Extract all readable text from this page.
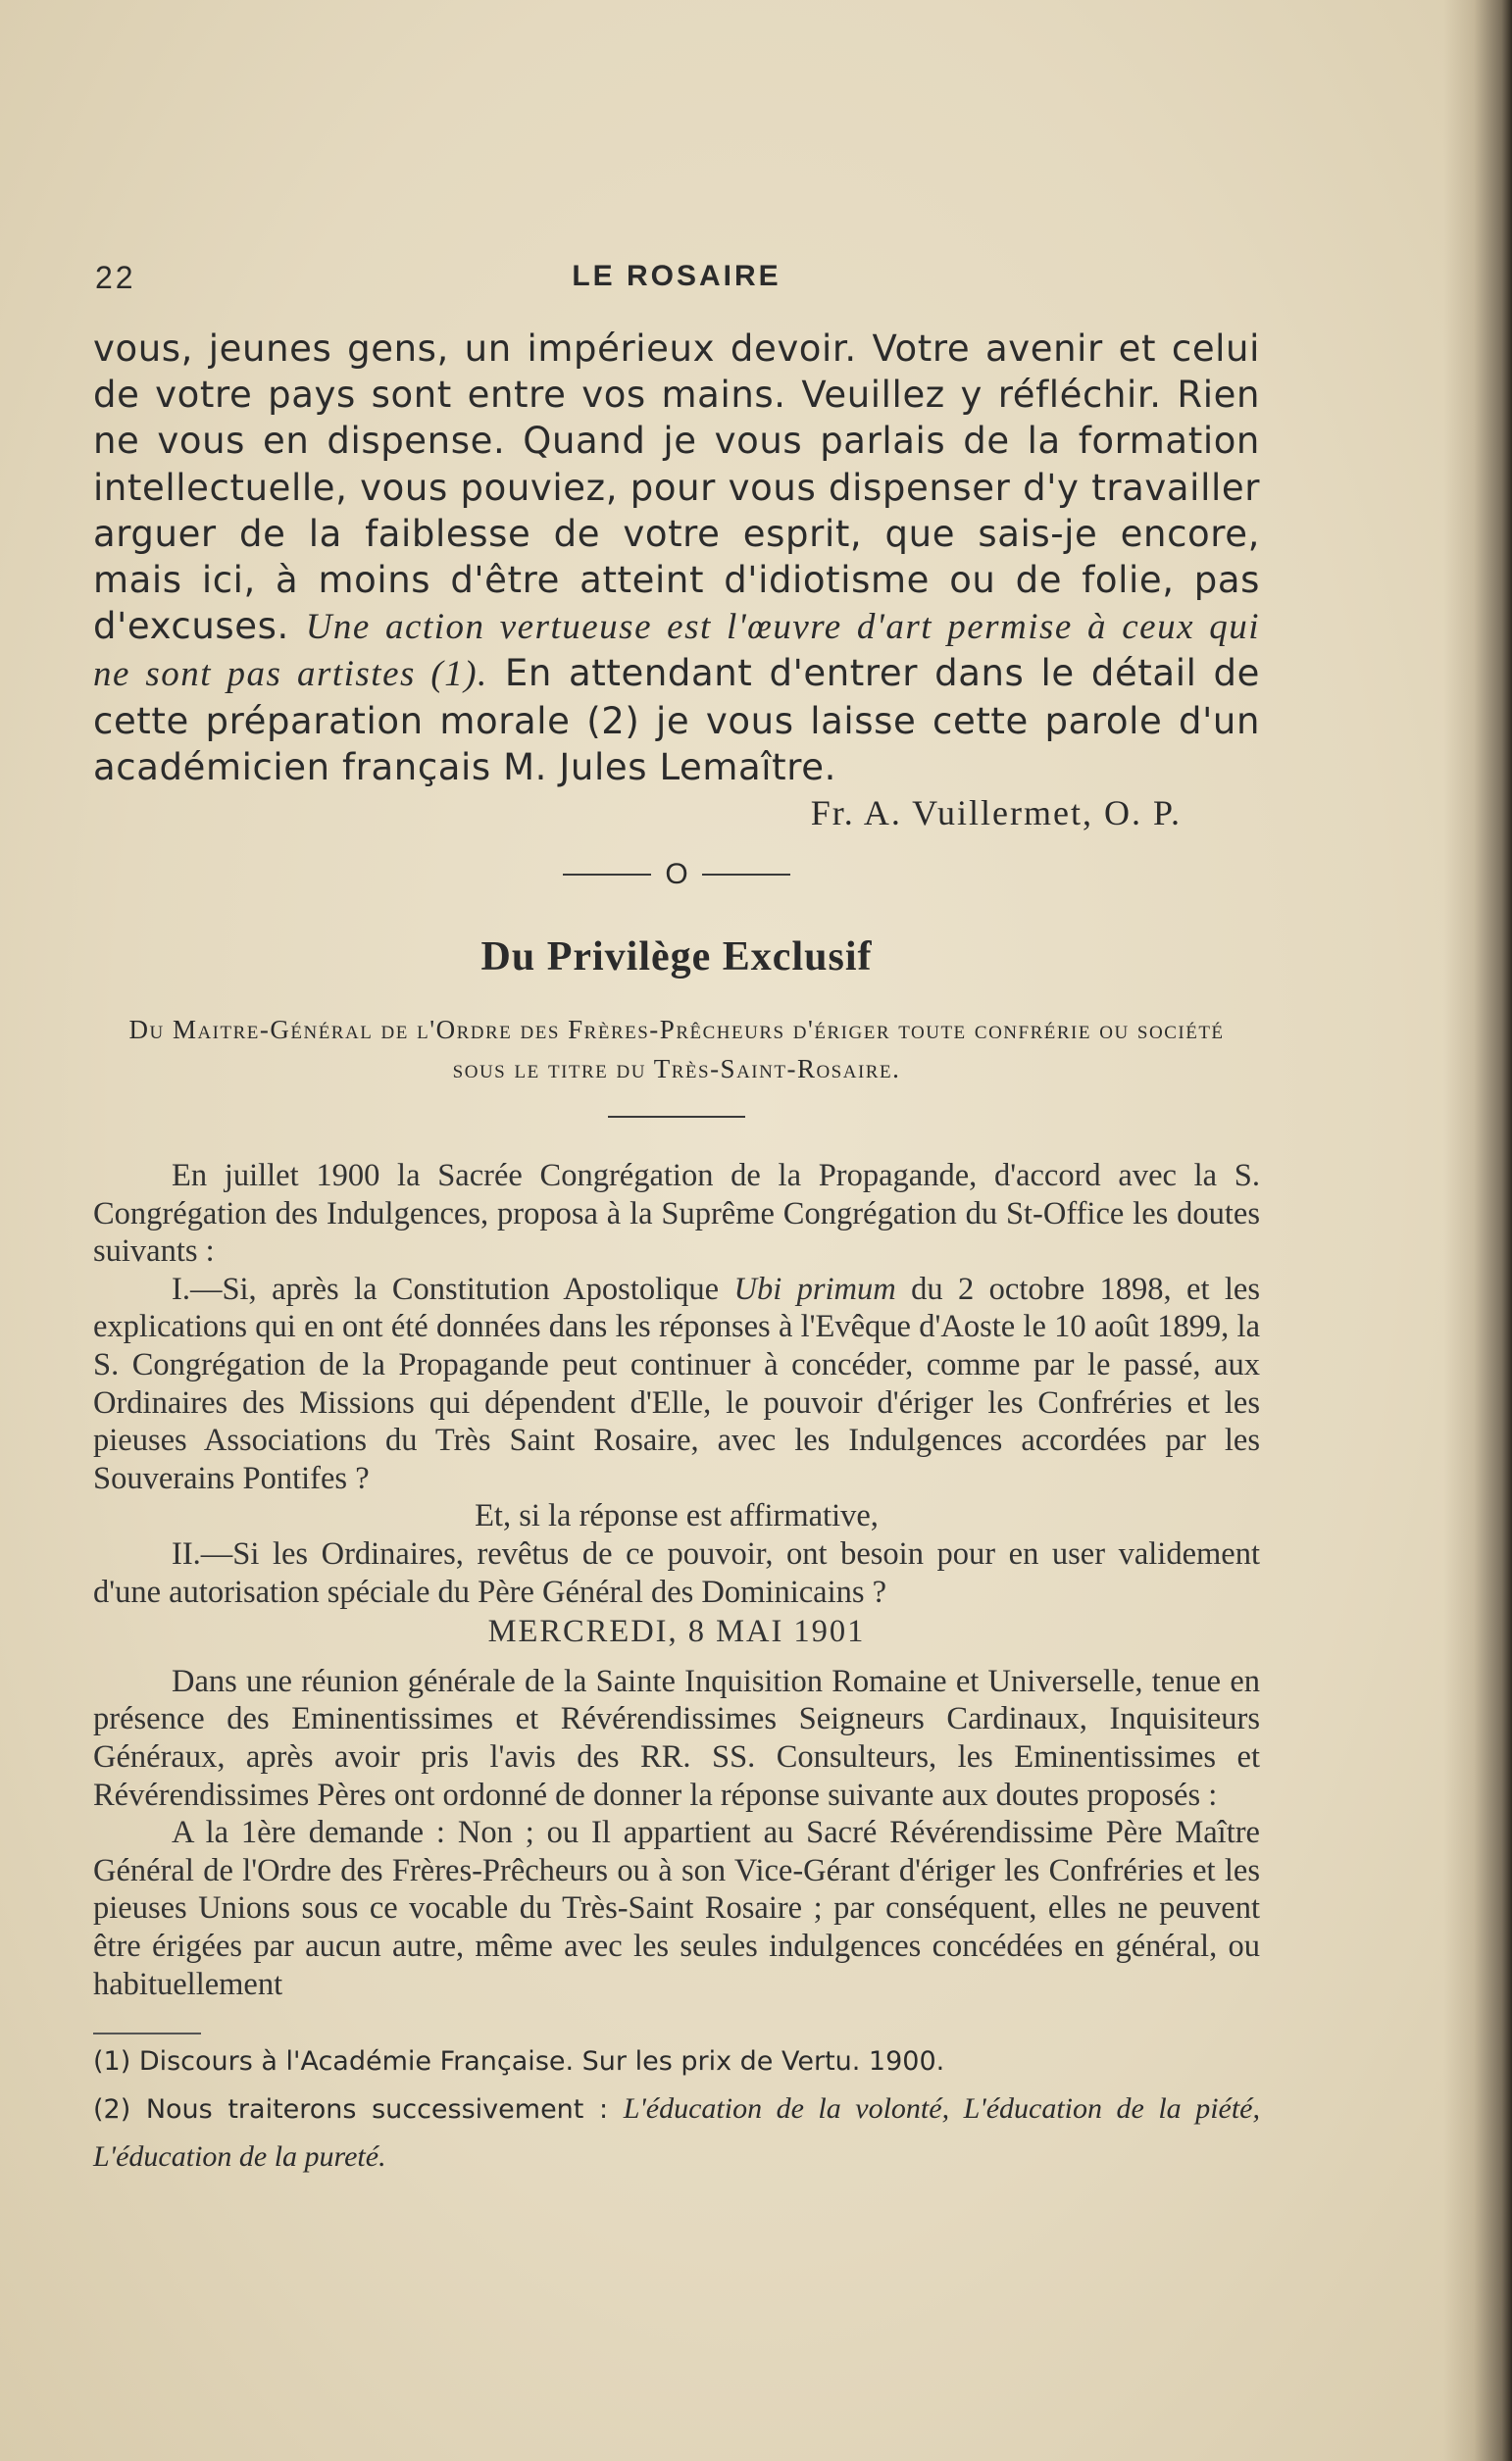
22	LE ROSAIRE

vous, jeunes gens, un impérieux devoir. Votre avenir et celui de votre pays sont entre vos mains. Veuillez y réfléchir. Rien ne vous en dispense. Quand je vous parlais de la formation intellectuelle, vous pouviez, pour vous dispenser d'y travailler arguer de la faiblesse de votre esprit, que sais-je encore, mais ici, à moins d'être atteint d'idiotisme ou de folie, pas d'excuses. Une action vertueuse est l'œuvre d'art permise à ceux qui ne sont pas artistes (1). En attendant d'entrer dans le détail de cette préparation morale (2) je vous laisse cette parole d'un académicien français M. Jules Lemaître.

Fr. A. Vuillermet, O. P.
O
Du Privilège Exclusif
Du Maitre-Général de l'Ordre des Frères-Prêcheurs d'ériger toute confrérie ou société sous le titre du Très-Saint-Rosaire.

En juillet 1900 la Sacrée Congrégation de la Propagande, d'accord avec la S. Congrégation des Indulgences, proposa à la Suprême Congrégation du St-Office les doutes suivants :

I.—Si, après la Constitution Apostolique Ubi primum du 2 octobre 1898, et les explications qui en ont été données dans les réponses à l'Evêque d'Aoste le 10 août 1899, la S. Congrégation de la Propagande peut continuer à concéder, comme par le passé, aux Ordinaires des Missions qui dépendent d'Elle, le pouvoir d'ériger les Confréries et les pieuses Associations du Très Saint Rosaire, avec les Indulgences accordées par les Souverains Pontifes ?

Et, si la réponse est affirmative,

II.—Si les Ordinaires, revêtus de ce pouvoir, ont besoin pour en user validement d'une autorisation spéciale du Père Général des Dominicains ?

MERCREDI, 8 MAI 1901

Dans une réunion générale de la Sainte Inquisition Romaine et Universelle, tenue en présence des Eminentissimes et Révérendissimes Seigneurs Cardinaux, Inquisiteurs Généraux, après avoir pris l'avis des RR. SS. Consulteurs, les Eminentissimes et Révérendissimes Pères ont ordonné de donner la réponse suivante aux doutes proposés :

A la 1ère demande : Non ; ou Il appartient au Sacré Révérendissime Père Maître Général de l'Ordre des Frères-Prêcheurs ou à son Vice-Gérant d'ériger les Confréries et les pieuses Unions sous ce vocable du Très-Saint Rosaire ; par conséquent, elles ne peuvent être érigées par aucun autre, même avec les seules indulgences concédées en général, ou habituellement

(1) Discours à l'Académie Française. Sur les prix de Vertu. 1900.

(2) Nous traiterons successivement : L'éducation de la volonté, L'éducation de la piété, L'éducation de la pureté.
